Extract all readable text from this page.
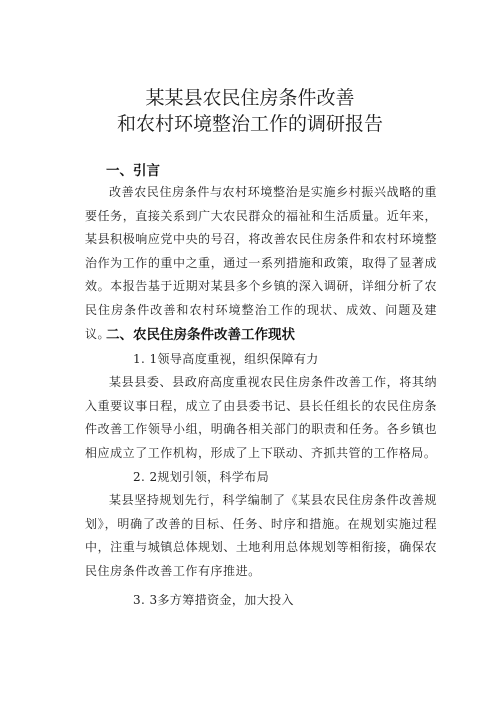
某某县农民住房条件改善
和农村环境整治工作的调研报告
一、引言
改善农民住房条件与农村环境整治是实施乡村振兴战略的重要任务，直接关系到广大农民群众的福祉和生活质量。近年来，某县积极响应党中央的号召，将改善农民住房条件和农村环境整治作为工作的重中之重，通过一系列措施和政策，取得了显著成效。本报告基于近期对某县多个乡镇的深入调研，详细分析了农民住房条件改善和农村环境整治工作的现状、成效、问题及建议。
二、农民住房条件改善工作现状
1. 1领导高度重视，组织保障有力
某县县委、县政府高度重视农民住房条件改善工作，将其纳入重要议事日程，成立了由县委书记、县长任组长的农民住房条件改善工作领导小组，明确各相关部门的职责和任务。各乡镇也相应成立了工作机构，形成了上下联动、齐抓共管的工作格局。
2. 2规划引领，科学布局
某县坚持规划先行，科学编制了《某县农民住房条件改善规划》，明确了改善的目标、任务、时序和措施。在规划实施过程中，注重与城镇总体规划、土地利用总体规划等相衔接，确保农民住房条件改善工作有序推进。
3. 3多方筹措资金，加大投入
